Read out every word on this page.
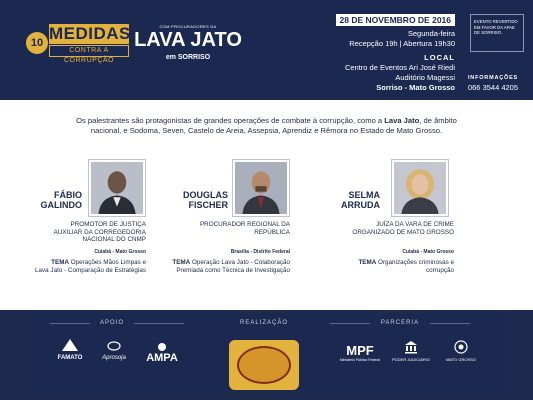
10 MEDIDAS
CONTRA A CORRUPÇÃO
COM PROCURADORES DA
LAVA JATO
em SORRISO
28 DE NOVEMBRO DE 2016
Segunda-feira
Recepção 19h | Abertura 19h30
LOCAL
Centro de Eventos Ari José Riedi
Auditório Magessi
Sorriso - Mato Grosso
EVENTO REVERTIDO
EM FAVOR DA APAE
DE SORRISO.
INFORMAÇÕES
066 3544 4205
Os palestrantes são protagonistas de grandes operações de combate à corrupção, como a Lava Jato, de âmbito
nacional, e Sodoma, Seven, Castelo de Areia, Assepsia, Aprendiz e Rêmora no Estado de Mato Grosso.
FÁBIO
GALINDO
PROMOTOR DE JUSTIÇA
AUXILIAR DA CORREGEDORIA
NACIONAL DO CNMP
Cuiabá - Mato Grosso
TEMA Operações Mãos Limpas e
Lava Jato - Comparação de Estratégias
DOUGLAS
FISCHER
PROCURADOR REGIONAL DA
REPÚBLICA
Brasília - Distrito Federal
TEMA Operação Lava Jato - Colaboração
Premiada como Técnica de Investigação
SELMA
ARRUDA
JUÍZA DA VARA DE CRIME
ORGANIZADO DE MATO GROSSO
Cuiabá - Mato Grosso
TEMA Organizações criminosas e
corrupção
APOIO	REALIZAÇÃO	PARCERIA
FAMATO	Aprosoja	AMPA	MPF
Ministério Público Federal	PODER JUDICIÁRIO	MATO GROSSO
